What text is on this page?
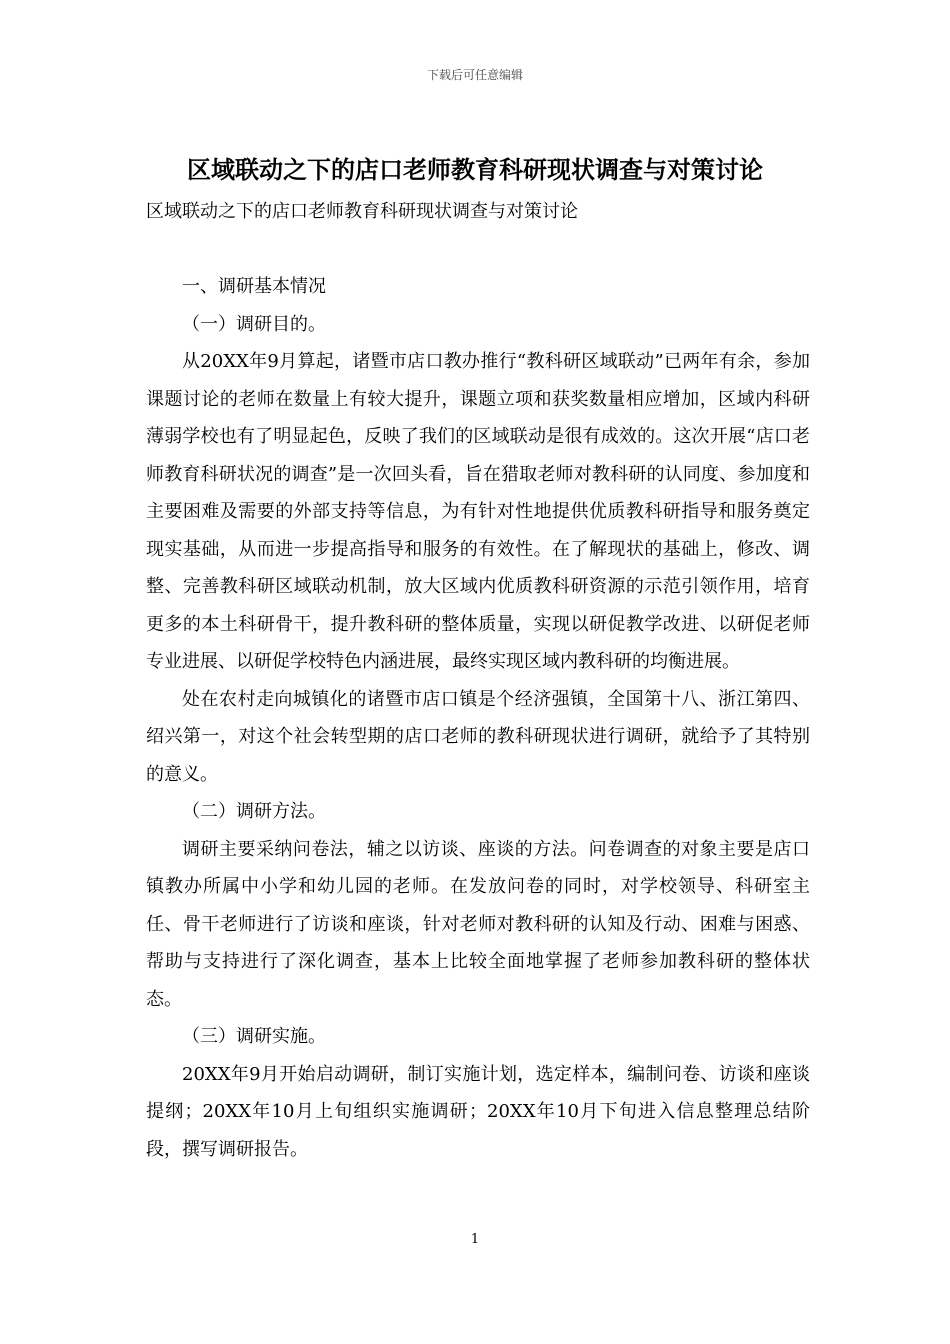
下载后可任意编辑
区域联动之下的店口老师教育科研现状调查与对策讨论
区域联动之下的店口老师教育科研现状调查与对策讨论

一、调研基本情况

（一）调研目的。

从20XX年9月算起，诸暨市店口教办推行“教科研区域联动”已两年有余，参加课题讨论的老师在数量上有较大提升，课题立项和获奖数量相应增加，区域内科研薄弱学校也有了明显起色，反映了我们的区域联动是很有成效的。这次开展“店口老师教育科研状况的调查”是一次回头看，旨在猎取老师对教科研的认同度、参加度和主要困难及需要的外部支持等信息，为有针对性地提供优质教科研指导和服务奠定现实基础，从而进一步提高指导和服务的有效性。在了解现状的基础上，修改、调整、完善教科研区域联动机制，放大区域内优质教科研资源的示范引领作用，培育更多的本土科研骨干，提升教科研的整体质量，实现以研促教学改进、以研促老师专业进展、以研促学校特色内涵进展，最终实现区域内教科研的均衡进展。

处在农村走向城镇化的诸暨市店口镇是个经济强镇，全国第十八、浙江第四、绍兴第一，对这个社会转型期的店口老师的教科研现状进行调研，就给予了其特别的意义。

（二）调研方法。

调研主要采纳问卷法，辅之以访谈、座谈的方法。问卷调查的对象主要是店口镇教办所属中小学和幼儿园的老师。在发放问卷的同时，对学校领导、科研室主任、骨干老师进行了访谈和座谈，针对老师对教科研的认知及行动、困难与困惑、帮助与支持进行了深化调查，基本上比较全面地掌握了老师参加教科研的整体状态。

（三）调研实施。

20XX年9月开始启动调研，制订实施计划，选定样本，编制问卷、访谈和座谈提纲；20XX年10月上旬组织实施调研；20XX年10月下旬进入信息整理总结阶段，撰写调研报告。

1
